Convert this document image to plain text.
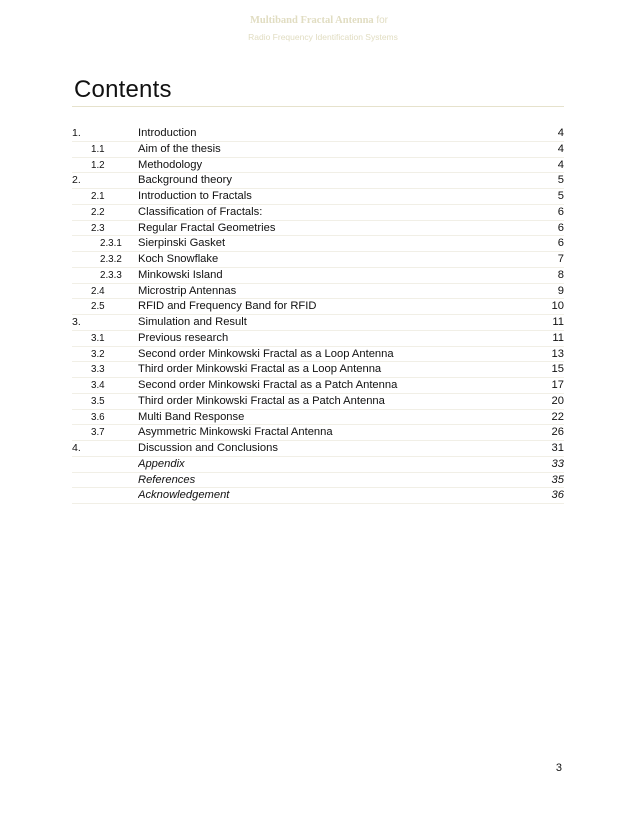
Multiband Fractal Antenna for
Radio Frequency Identification Systems
Contents
1.	Introduction	4
1.1	Aim of the thesis	4
1.2	Methodology	4
2.	Background theory	5
2.1	Introduction to Fractals	5
2.2	Classification of Fractals:	6
2.3	Regular Fractal Geometries	6
2.3.1	Sierpinski Gasket	6
2.3.2	Koch Snowflake	7
2.3.3	Minkowski Island	8
2.4	Microstrip Antennas	9
2.5	RFID and Frequency Band for RFID	10
3.	Simulation and Result	11
3.1	Previous research	11
3.2	Second order Minkowski Fractal as a Loop Antenna	13
3.3	Third order Minkowski Fractal as a Loop Antenna	15
3.4	Second order Minkowski Fractal as a Patch Antenna	17
3.5	Third order Minkowski Fractal as a Patch Antenna	20
3.6	Multi Band Response	22
3.7	Asymmetric Minkowski Fractal Antenna	26
4.	Discussion and Conclusions	31
Appendix	33
References	35
Acknowledgement	36
3
